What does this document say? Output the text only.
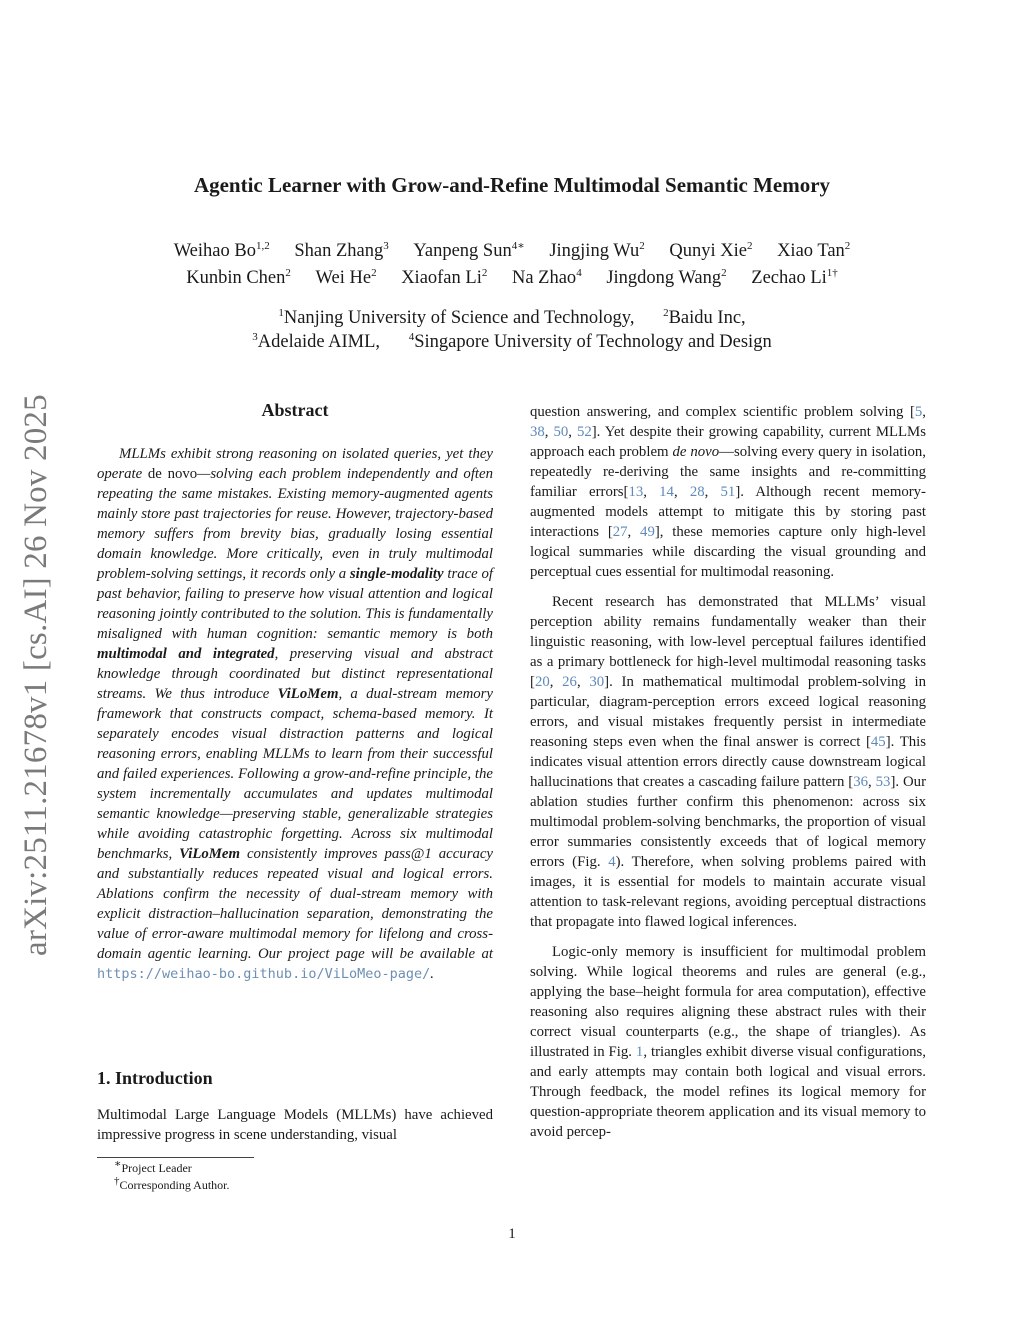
arXiv:2511.21678v1 [cs.AI] 26 Nov 2025
Agentic Learner with Grow-and-Refine Multimodal Semantic Memory
Weihao Bo$^{1,2}$ Shan Zhang$^3$ Yanpeng Sun$^{4∗}$ Jingjing Wu$^2$ Qunyi Xie$^2$ Xiao Tan$^2$
Kunbin Chen$^2$ Wei He$^2$ Xiaofan Li$^2$ Na Zhao$^4$ Jingdong Wang$^2$ Zechao $Li^{1\dagger}$
$^1$Nanjing University of Science and Technology,	$^2$Baidu Inc,
$^3$Adelaide AIML,	$^4$Singapore University of Technology and Design
Abstract
MLLMs exhibit strong reasoning on isolated queries, yet they operate de novo—solving each problem independently and often repeating the same mistakes. Existing memory-augmented agents mainly store past trajectories for reuse. However, trajectory-based memory suffers from brevity bias, gradually losing essential domain knowledge. More critically, even in truly multimodal problem-solving settings, it records only a single-modality trace of past behavior, failing to preserve how visual attention and logical reasoning jointly contributed to the solution. This is fundamentally misaligned with human cognition: semantic memory is both multimodal and integrated, preserving visual and abstract knowledge through coordinated but distinct representational streams. We thus introduce ViLoMem, a dual-stream memory framework that constructs compact, schema-based memory. It separately encodes visual distraction patterns and logical reasoning errors, enabling MLLMs to learn from their successful and failed experiences. Following a grow-and-refine principle, the system incrementally accumulates and updates multimodal semantic knowledge—preserving stable, generalizable strategies while avoiding catastrophic forgetting. Across six multimodal benchmarks, ViLoMem consistently improves pass@1 accuracy and substantially reduces repeated visual and logical errors. Ablations confirm the necessity of dual-stream memory with explicit distraction–hallucination separation, demonstrating the value of error-aware multimodal memory for lifelong and cross-domain agentic learning. Our project page will be available at https://weihao-bo.github.io/ViLoMeo-page/.
1. Introduction
Multimodal Large Language Models (MLLMs) have achieved impressive progress in scene understanding, visual
∗Project Leader
†Corresponding Author.

question answering, and complex scientific problem solving [5, 38, 50, 52]. Yet despite their growing capability, current MLLMs approach each problem de novo—solving every query in isolation, repeatedly re-deriving the same insights and re-committing familiar errors[13, 14, 28, 51]. Although recent memory-augmented models attempt to mitigate this by storing past interactions [27, 49], these memories capture only high-level logical summaries while discarding the visual grounding and perceptual cues essential for multimodal reasoning.

Recent research has demonstrated that MLLMs’ visual perception ability remains fundamentally weaker than their linguistic reasoning, with low-level perceptual failures identified as a primary bottleneck for high-level multimodal reasoning tasks [20, 26, 30]. In mathematical multimodal problem-solving in particular, diagram-perception errors exceed logical reasoning errors, and visual mistakes frequently persist in intermediate reasoning steps even when the final answer is correct [45]. This indicates visual attention errors directly cause downstream logical hallucinations that creates a cascading failure pattern [36, 53]. Our ablation studies further confirm this phenomenon: across six multimodal problem-solving benchmarks, the proportion of visual error summaries consistently exceeds that of logical memory errors (Fig. 4). Therefore, when solving problems paired with images, it is essential for models to maintain accurate visual attention to task-relevant regions, avoiding perceptual distractions that propagate into flawed logical inferences.

Logic-only memory is insufficient for multimodal problem solving. While logical theorems and rules are general (e.g., applying the base–height formula for area computation), effective reasoning also requires aligning these abstract rules with their correct visual counterparts (e.g., the shape of triangles). As illustrated in Fig. 1, triangles exhibit diverse visual configurations, and early attempts may contain both logical and visual errors. Through feedback, the model refines its logical memory for question-appropriate theorem application and its visual memory to avoid percep-

1
